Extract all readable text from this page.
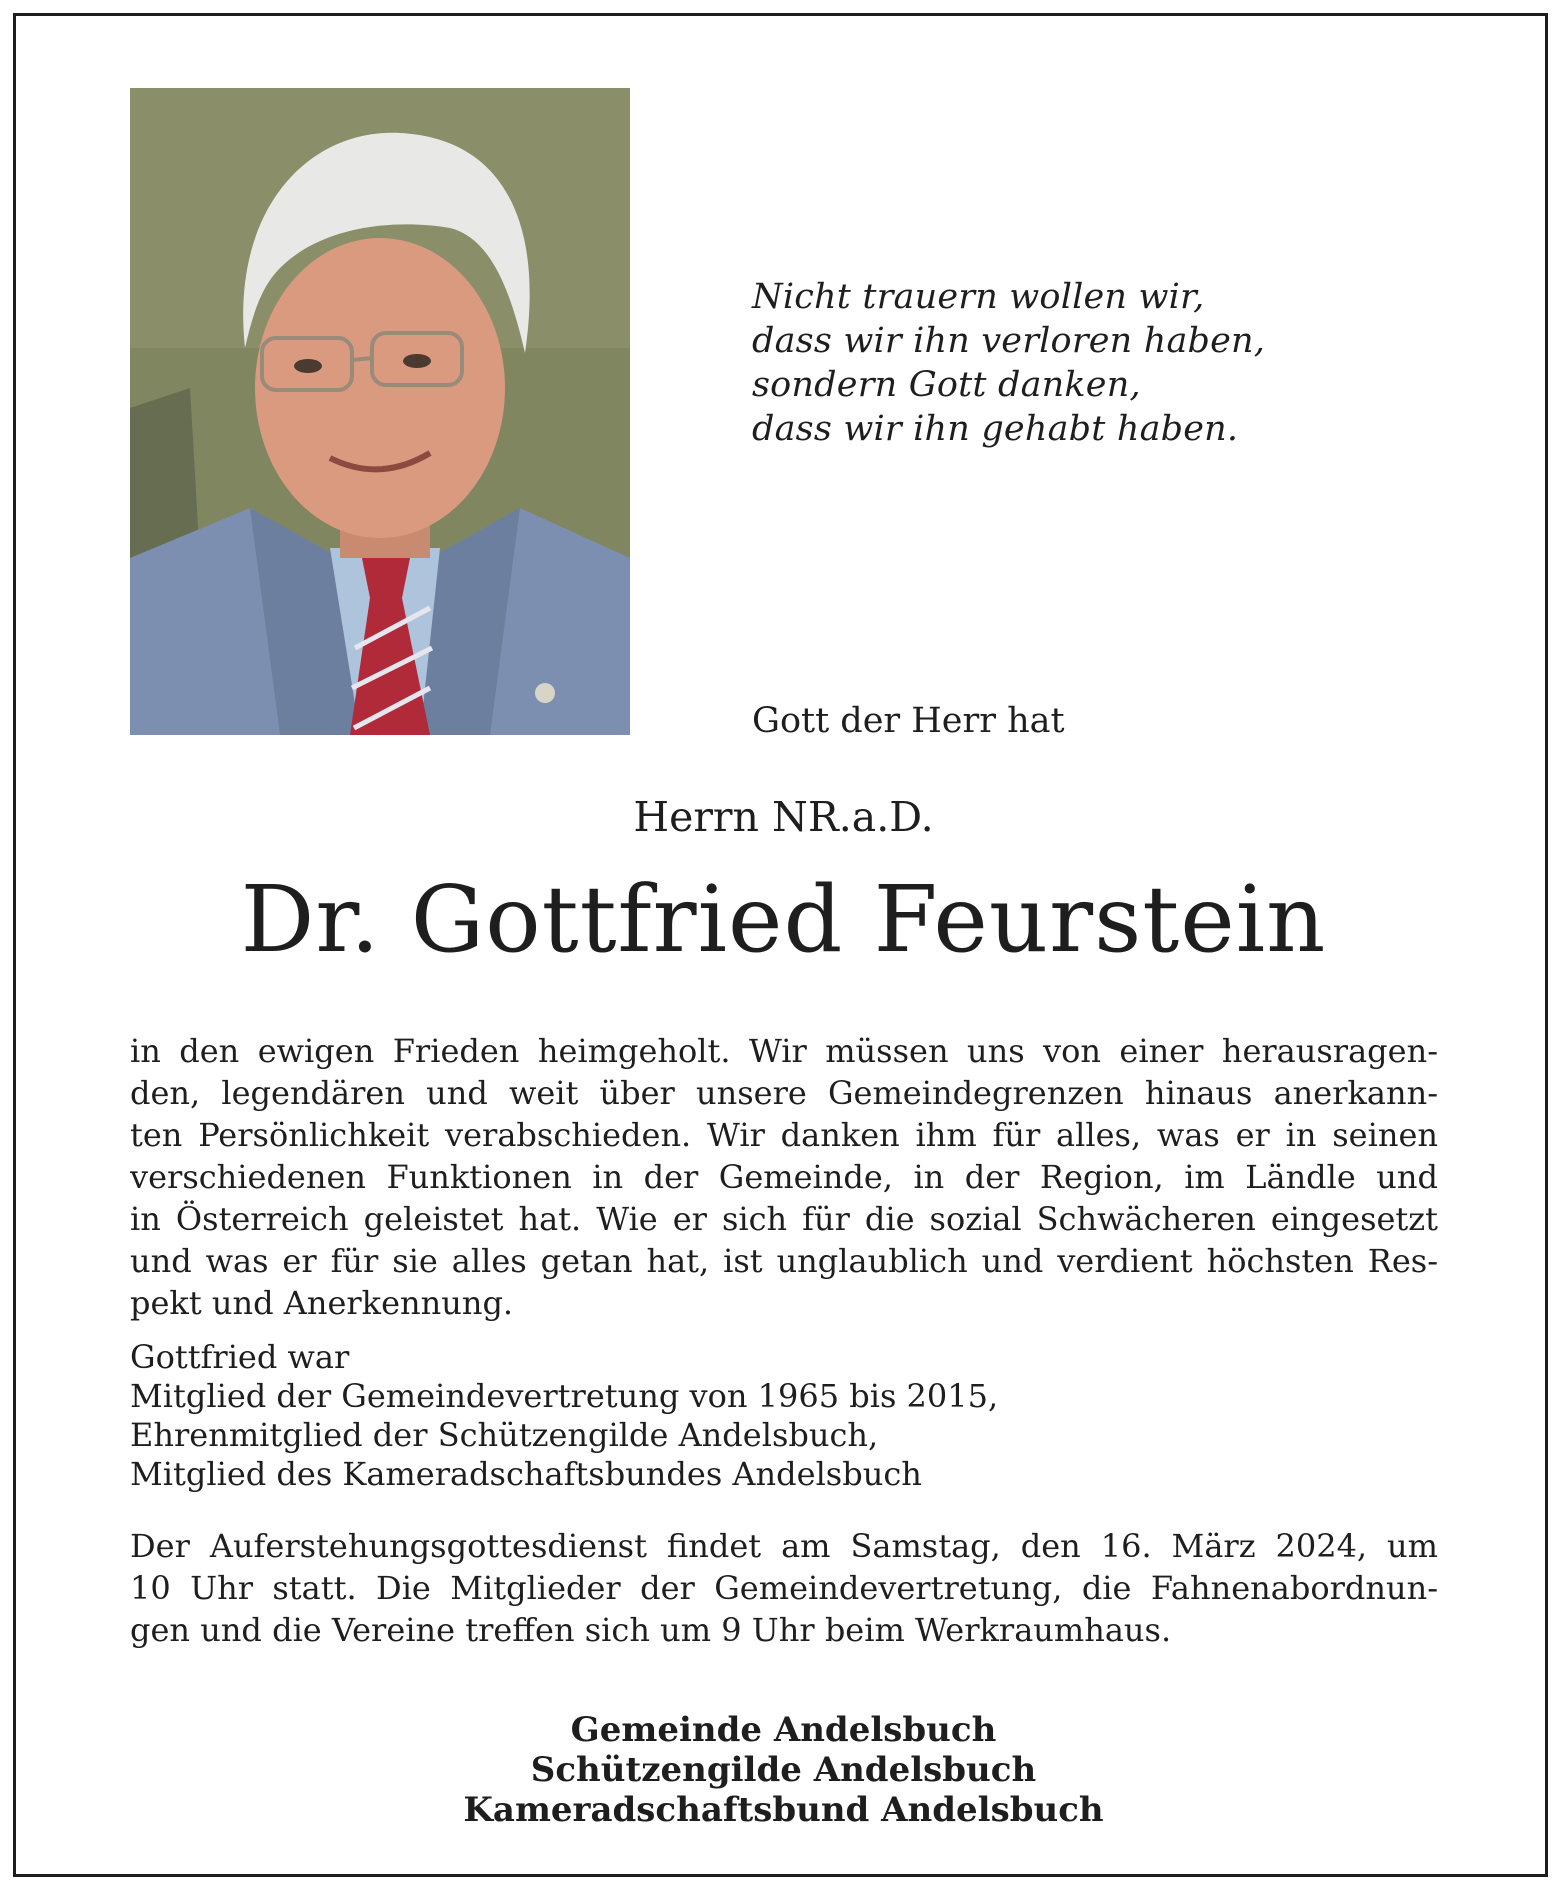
Nicht trauern wollen wir,
dass wir ihn verloren haben,
sondern Gott danken,
dass wir ihn gehabt haben.
Gott der Herr hat
Herrn NR.a.D.
Dr. Gottfried Feurstein
in den ewigen Frieden heimgeholt. Wir müssen uns von einer herausragen-
den, legendären und weit über unsere Gemeindegrenzen hinaus anerkann-
ten Persönlichkeit verabschieden. Wir danken ihm für alles, was er in seinen
verschiedenen Funktionen in der Gemeinde, in der Region, im Ländle und
in Österreich geleistet hat. Wie er sich für die sozial Schwächeren eingesetzt
und was er für sie alles getan hat, ist unglaublich und verdient höchsten Res-
pekt und Anerkennung.
Gottfried war
Mitglied der Gemeindevertretung von 1965 bis 2015,
Ehrenmitglied der Schützengilde Andelsbuch,
Mitglied des Kameradschaftsbundes Andelsbuch
Der Auferstehungsgottesdienst findet am Samstag, den 16. März 2024, um
10 Uhr statt. Die Mitglieder der Gemeindevertretung, die Fahnenabordnun-
gen und die Vereine treffen sich um 9 Uhr beim Werkraumhaus.
Gemeinde Andelsbuch
Schützengilde Andelsbuch
Kameradschaftsbund Andelsbuch
